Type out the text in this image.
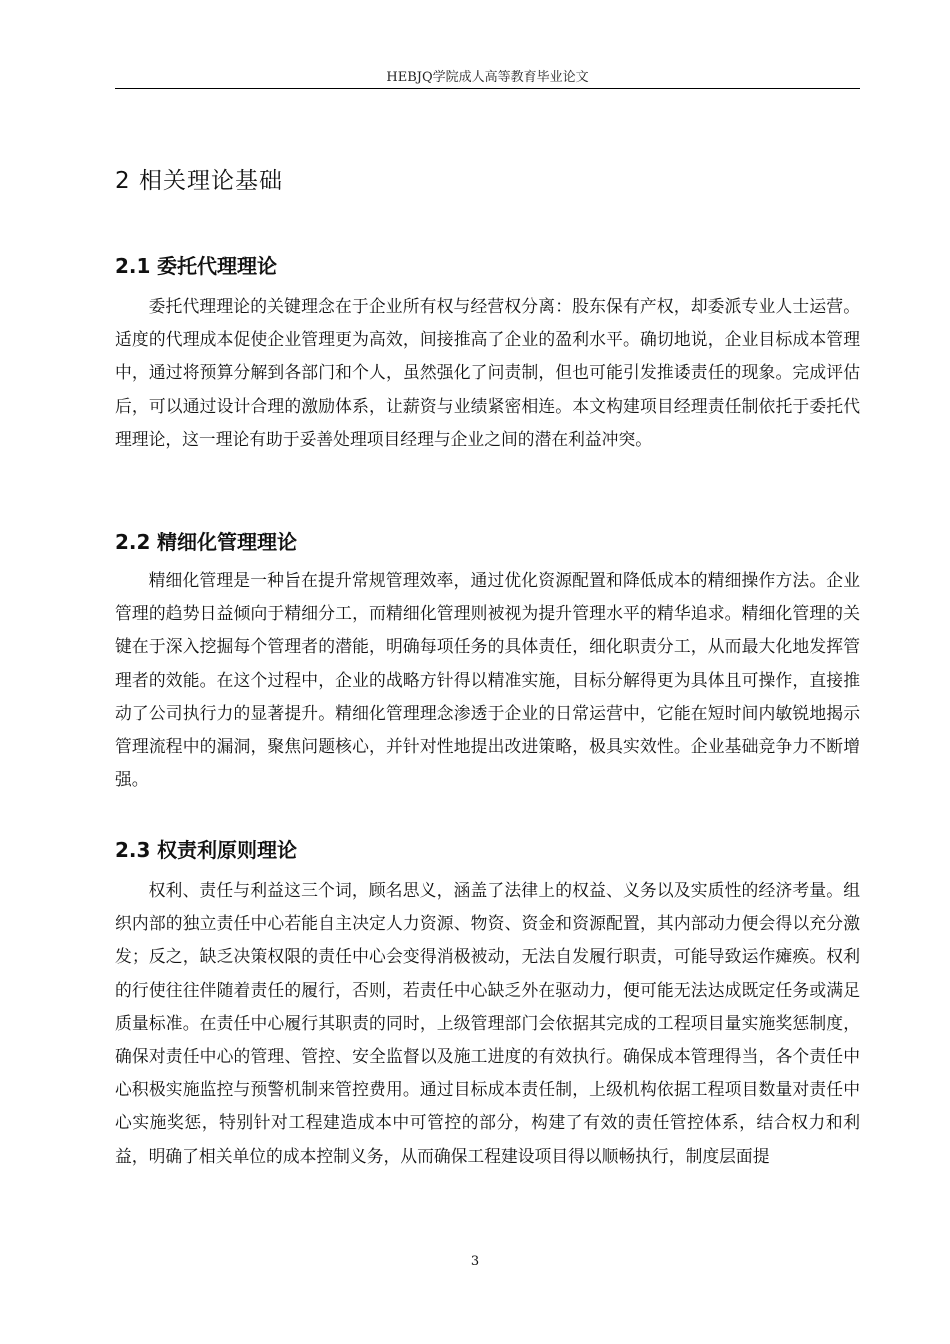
HEBJQ学院成人高等教育毕业论文
2 相关理论基础
2.1 委托代理理论

委托代理理论的关键理念在于企业所有权与经营权分离：股东保有产权，却委派专业人士运营。适度的代理成本促使企业管理更为高效，间接推高了企业的盈利水平。确切地说，企业目标成本管理中，通过将预算分解到各部门和个人，虽然强化了问责制，但也可能引发推诿责任的现象。完成评估后，可以通过设计合理的激励体系，让薪资与业绩紧密相连。本文构建项目经理责任制依托于委托代理理论，这一理论有助于妥善处理项目经理与企业之间的潜在利益冲突。

2.2 精细化管理理论

精细化管理是一种旨在提升常规管理效率，通过优化资源配置和降低成本的精细操作方法。企业管理的趋势日益倾向于精细分工，而精细化管理则被视为提升管理水平的精华追求。精细化管理的关键在于深入挖掘每个管理者的潜能，明确每项任务的具体责任，细化职责分工，从而最大化地发挥管理者的效能。在这个过程中，企业的战略方针得以精准实施，目标分解得更为具体且可操作，直接推动了公司执行力的显著提升。精细化管理理念渗透于企业的日常运营中，它能在短时间内敏锐地揭示管理流程中的漏洞，聚焦问题核心，并针对性地提出改进策略，极具实效性。企业基础竞争力不断增强。

2.3 权责利原则理论

权利、责任与利益这三个词，顾名思义，涵盖了法律上的权益、义务以及实质性的经济考量。组织内部的独立责任中心若能自主决定人力资源、物资、资金和资源配置，其内部动力便会得以充分激发；反之，缺乏决策权限的责任中心会变得消极被动，无法自发履行职责，可能导致运作瘫痪。权利的行使往往伴随着责任的履行，否则，若责任中心缺乏外在驱动力，便可能无法达成既定任务或满足质量标准。在责任中心履行其职责的同时，上级管理部门会依据其完成的工程项目量实施奖惩制度，确保对责任中心的管理、管控、安全监督以及施工进度的有效执行。确保成本管理得当，各个责任中心积极实施监控与预警机制来管控费用。通过目标成本责任制，上级机构依据工程项目数量对责任中心实施奖惩，特别针对工程建造成本中可管控的部分，构建了有效的责任管控体系，结合权力和利益，明确了相关单位的成本控制义务，从而确保工程建设项目得以顺畅执行，制度层面提

3
